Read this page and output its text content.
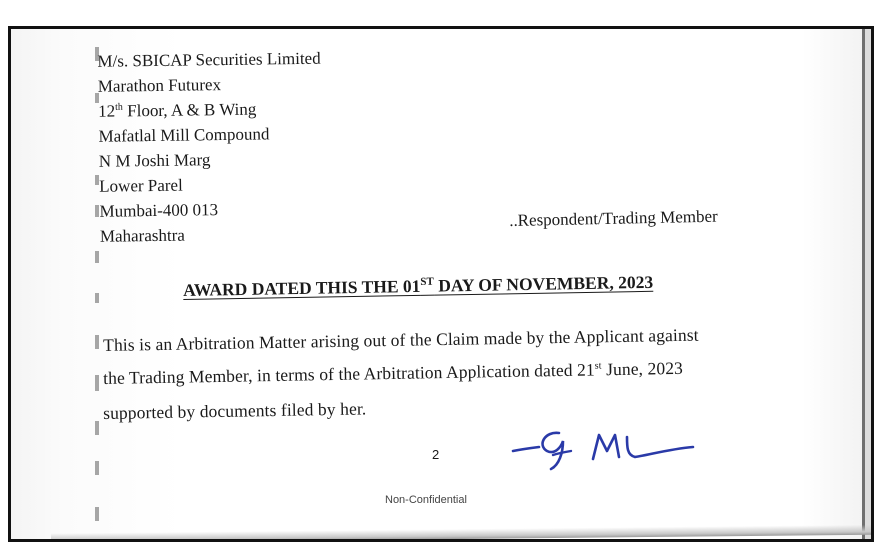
M/s. SBICAP Securities Limited
Marathon Futurex
12th Floor, A & B Wing
Mafatlal Mill Compound
N M Joshi Marg
Lower Parel
Mumbai-400 013
Maharashtra
..Respondent/Trading Member
AWARD DATED THIS THE 01ST DAY OF NOVEMBER, 2023
This is an Arbitration Matter arising out of the Claim made by the Applicant against
the Trading Member, in terms of the Arbitration Application dated 21st June, 2023
supported by documents filed by her.
2
Non-Confidential
